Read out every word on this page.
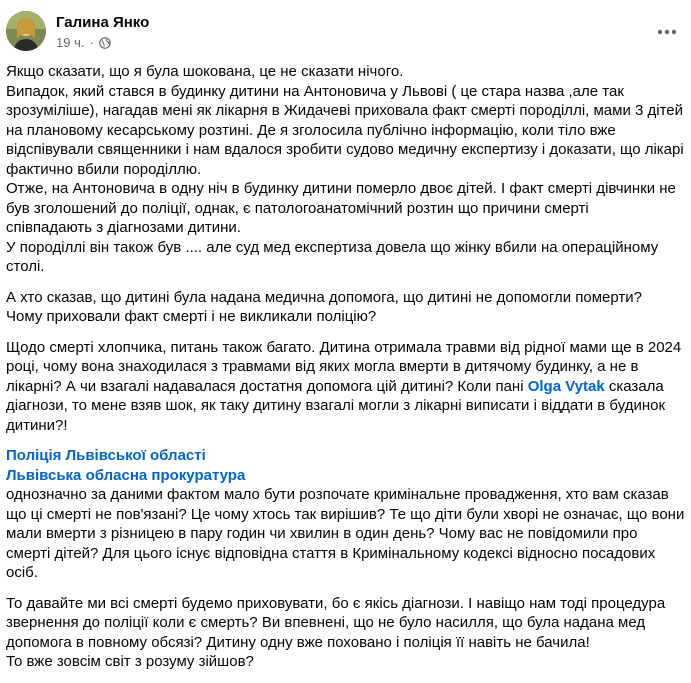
Галина Янко
19 ч. ·
Якщо сказати, що я була шокована, це не сказати нічого.
Випадок, який стався в будинку дитини на Антоновича у Львові ( це стара назва ,але так
зрозуміліше), нагадав мені як лікарня в Жидачеві приховала факт смерті породіллі, мами 3 дітей
на плановому кесарському розтині. Де я зголосила публічно інформацію, коли тіло вже
відспівували священники і нам вдалося зробити судово медичну експертизу і доказати, що лікарі
фактично вбили породіллю.
Отже, на Антоновича в одну ніч в будинку дитини померло двоє дітей. І факт смерті дівчинки не
був зголошений до поліції, однак, є патологоанатомічний розтин що причини смерті
співпадають з діагнозами дитини.
У породіллі він також був .... але суд мед експертиза довела що жінку вбили на операційному
столі.
А хто сказав, що дитині була надана медична допомога, що дитині не допомогли померти?
Чому приховали факт смерті і не викликали поліцію?
Щодо смерті хлопчика, питань також багато. Дитина отримала травми від рідної мами ще в 2024
році, чому вона знаходилася з травмами від яких могла вмерти в дитячому будинку, а не в
лікарні? А чи взагалі надавалася достатня допомога цій дитині? Коли пані Olga Vytak сказала
діагнози, то мене взяв шок, як таку дитину взагалі могли з лікарні виписати і віддати в будинок
дитини?!
Поліція Львівської області
Львівська обласна прокуратура
однозначно за даними фактом мало бути розпочате кримінальне провадження, хто вам сказав
що ці смерті не пов'язані? Це чому хтось так вирішив? Те що діти були хворі не означає, що вони
мали вмерти з різницею в пару годин чи хвилин в один день? Чому вас не повідомили про
смерті дітей? Для цього існує відповідна стаття в Кримінальному кодексі відносно посадових
осіб.
То давайте ми всі смерті будемо приховувати, бо є якісь діагнози. І навіщо нам тоді процедура
звернення до поліції коли є смерть? Ви впевнені, що не було насилля, що була надана мед
допомога в повному обсязі? Дитину одну вже поховано і поліція її навіть не бачила!
То вже зовсім світ з розуму зійшов?
